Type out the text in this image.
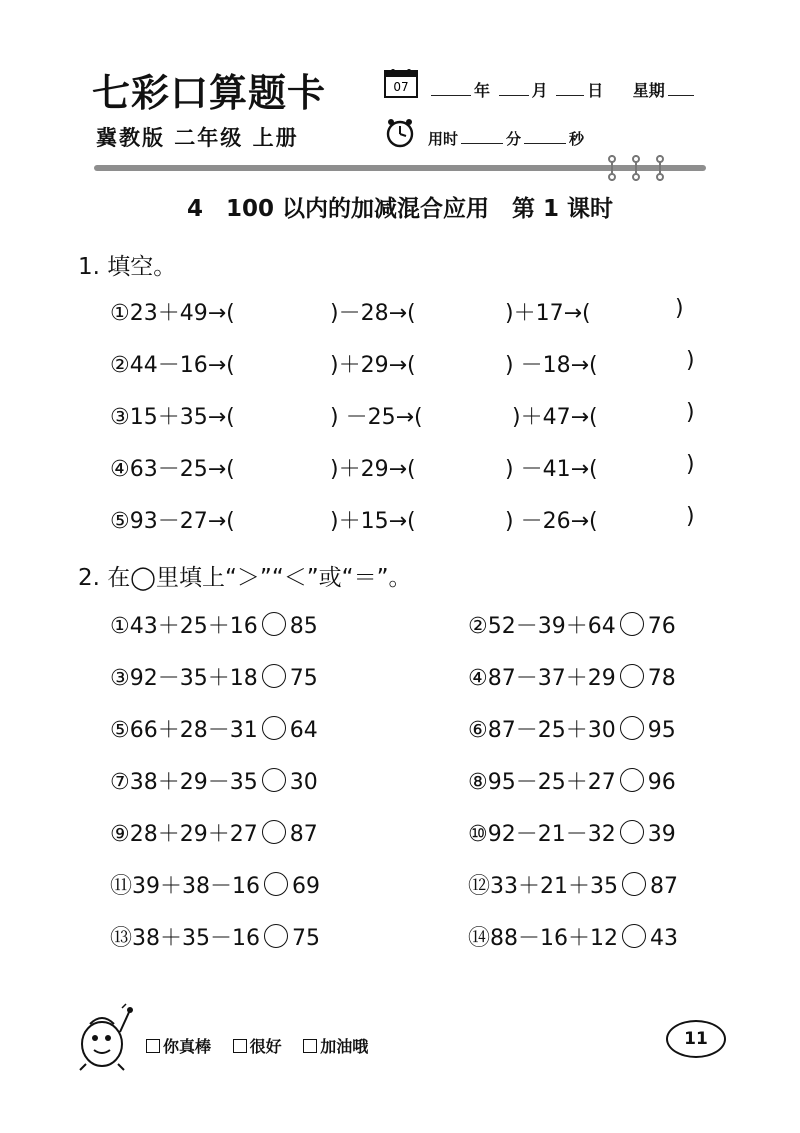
七彩口算题卡
冀教版 二年级 上册
07	年	月 日 星期
用时	分	秒
4　100 以内的加减混合应用　第 1 课时
1. 填空。
①23＋49→(	)－28→(	)＋17→(	)
②44－16→(	)＋29→(	) －18→(	)
③15＋35→(	) －25→(	)＋47→(	)
④63－25→(	)＋29→(	) －41→(	)
⑤93－27→(	)＋15→(	) －26→(	)
2. 在◯里填上“＞”“＜”或“＝”。
①43＋25＋16 85	②52－39＋64 76
③92－35＋18 75	④87－37＋29 78
⑤66＋28－31 64	⑥87－25＋30 95
⑦38＋29－35 30	⑧95－25＋27 96
⑨28＋29＋27 87	⑩92－21－32 39
⑪39＋38－16 69	⑫33＋21＋35 87
⑬38＋35－16 75	⑭88－16＋12 43
你真棒 很好 加油哦	11
